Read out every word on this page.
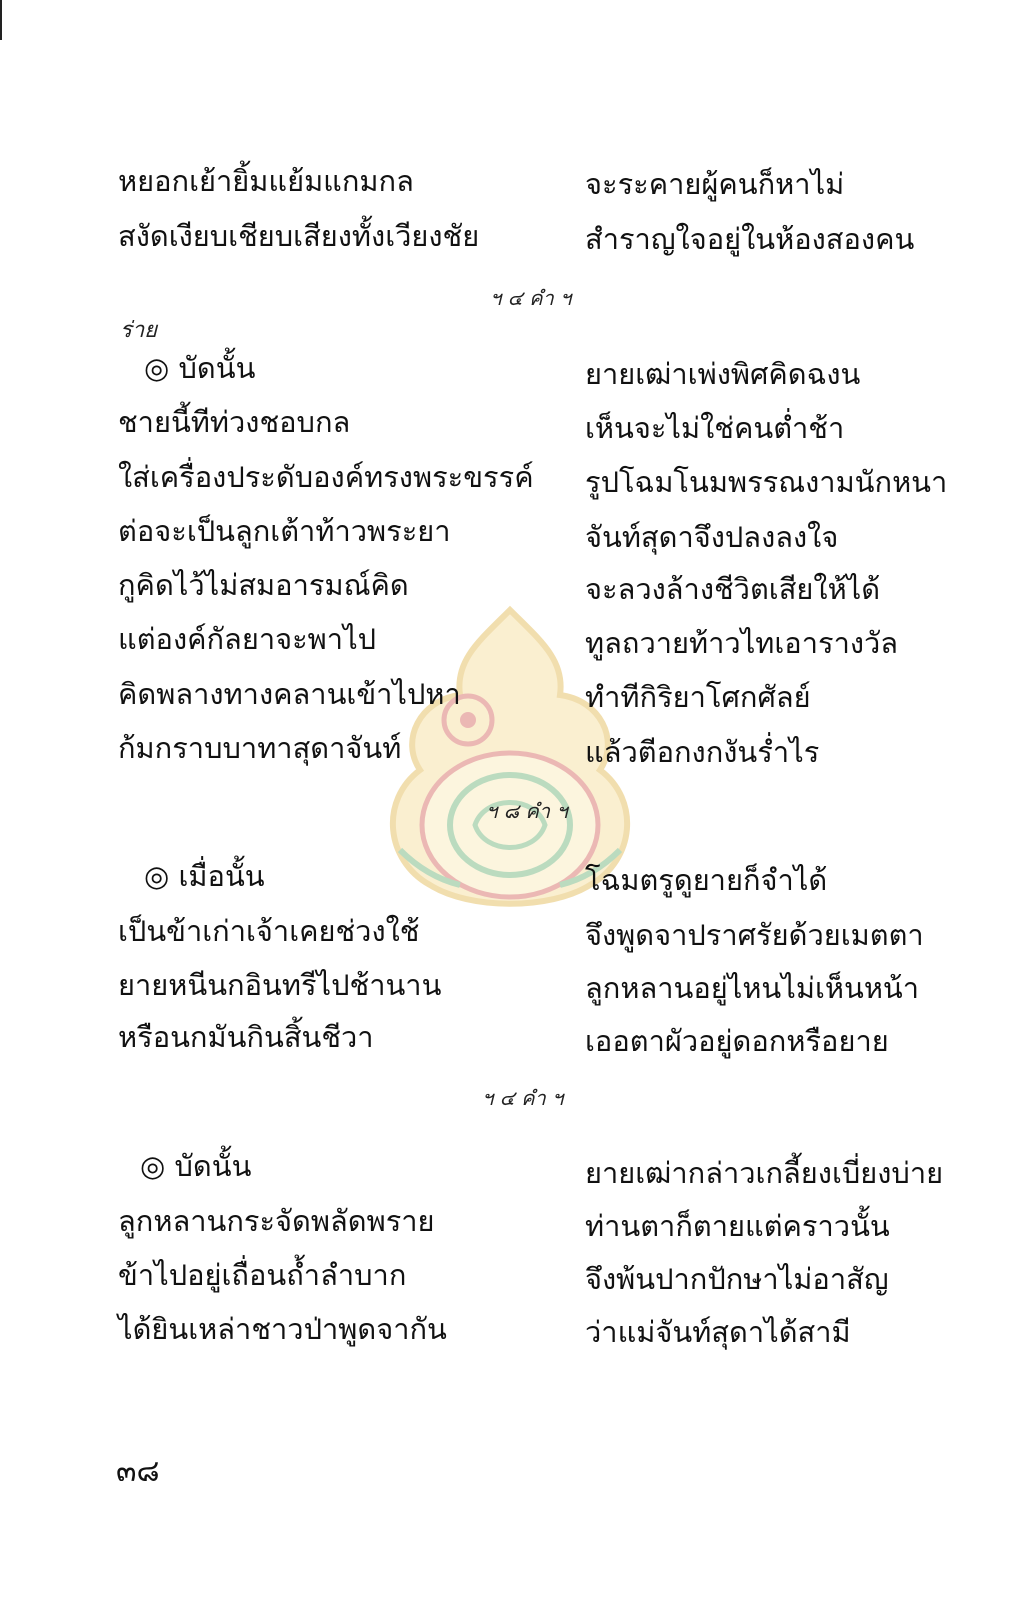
หยอกเย้ายิ้มแย้มแกมกล
สงัดเงียบเชียบเสียงทั้งเวียงชัย
จะระคายผู้คนก็หาไม่
สำราญใจอยู่ในห้องสองคน
ฯ ๔ คำ ฯ
ร่าย
◎ บัดนั้น
ชายนี้ทีท่วงชอบกล
ใส่เครื่องประดับองค์ทรงพระขรรค์
ต่อจะเป็นลูกเต้าท้าวพระยา
กูคิดไว้ไม่สมอารมณ์คิด
แต่องค์กัลยาจะพาไป
คิดพลางทางคลานเข้าไปหา
ก้มกราบบาทาสุดาจันท์
ยายเฒ่าเพ่งพิศคิดฉงน
เห็นจะไม่ใช่คนต่ำช้า
รูปโฉมโนมพรรณงามนักหนา
จันท์สุดาจึงปลงลงใจ
จะลวงล้างชีวิตเสียให้ได้
ทูลถวายท้าวไทเอารางวัล
ทำทีกิริยาโศกศัลย์
แล้วตีอกงกงันร่ำไร
ฯ ๘ คำ ฯ
◎ เมื่อนั้น
เป็นข้าเก่าเจ้าเคยช่วงใช้
ยายหนีนกอินทรีไปช้านาน
หรือนกมันกินสิ้นชีวา
โฉมตรูดูยายก็จำได้
จึงพูดจาปราศรัยด้วยเมตตา
ลูกหลานอยู่ไหนไม่เห็นหน้า
เออตาผัวอยู่ดอกหรือยาย
ฯ ๔ คำ ฯ
◎ บัดนั้น
ลูกหลานกระจัดพลัดพราย
ข้าไปอยู่เถื่อนถ้ำลำบาก
ได้ยินเหล่าชาวป่าพูดจากัน
ยายเฒ่ากล่าวเกลี้ยงเบี่ยงบ่าย
ท่านตาก็ตายแต่คราวนั้น
จึงพ้นปากปักษาไม่อาสัญ
ว่าแม่จันท์สุดาได้สามี
๓๘
